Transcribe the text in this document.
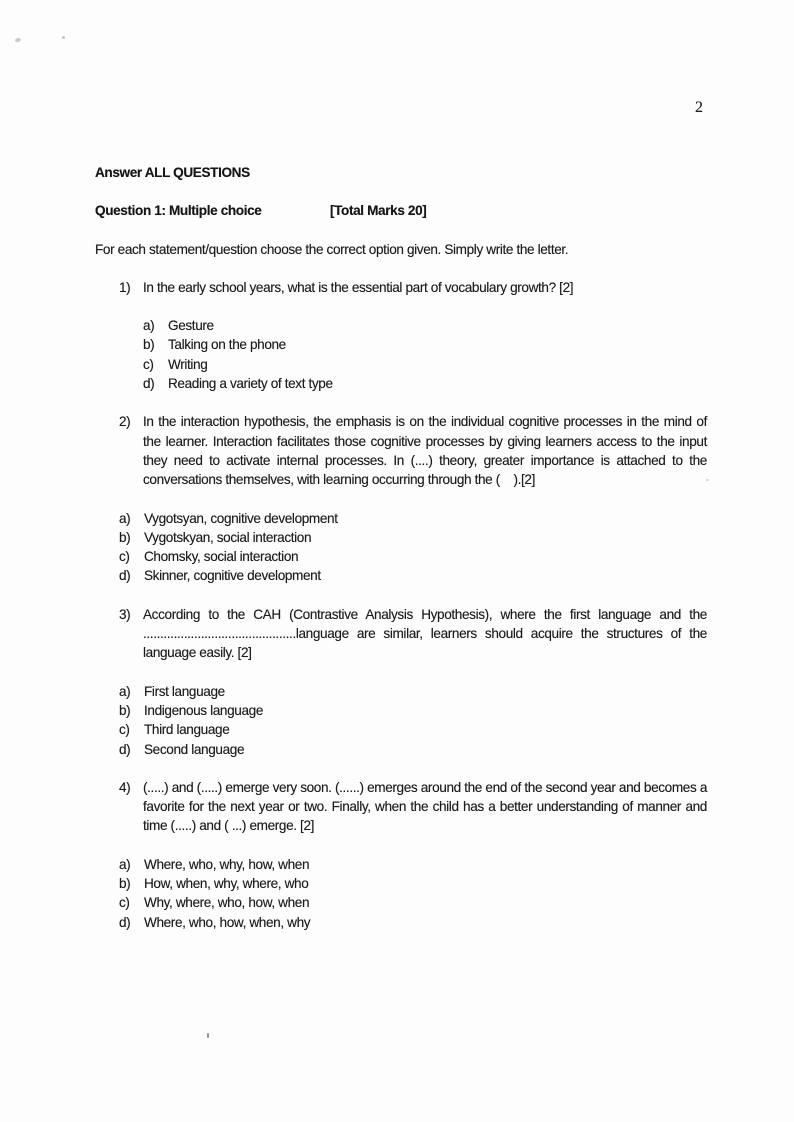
2
Answer ALL QUESTIONS
Question 1: Multiple choice	[Total Marks 20]
For each statement/question choose the correct option given. Simply write the letter.
1) In the early school years, what is the essential part of vocabulary growth? [2]
a)	Gesture
b)	Talking on the phone
c)	Writing
d)	Reading a variety of text type
2) In the interaction hypothesis, the emphasis is on the individual cognitive processes in the mind of the learner. Interaction facilitates those cognitive processes by giving learners access to the input they need to activate internal processes. In (....) theory, greater importance is attached to the conversations themselves, with learning occurring through the (    ).[2]
a)	Vygotsyan, cognitive development
b)	Vygotskyan, social interaction
c)	Chomsky, social interaction
d)	Skinner, cognitive development
3) According to the CAH (Contrastive Analysis Hypothesis), where the first language and the .............................................language are similar, learners should acquire the structures of the language easily. [2]
a)	First language
b)	Indigenous language
c)	Third language
d)	Second language
4) (.....) and (.....) emerge very soon. (......) emerges around the end of the second year and becomes a favorite for the next year or two. Finally, when the child has a better understanding of manner and time (.....) and ( ...) emerge. [2]
a)	Where, who, why, how, when
b)	How, when, why, where, who
c)	Why, where, who, how, when
d)	Where, who, how, when, why
